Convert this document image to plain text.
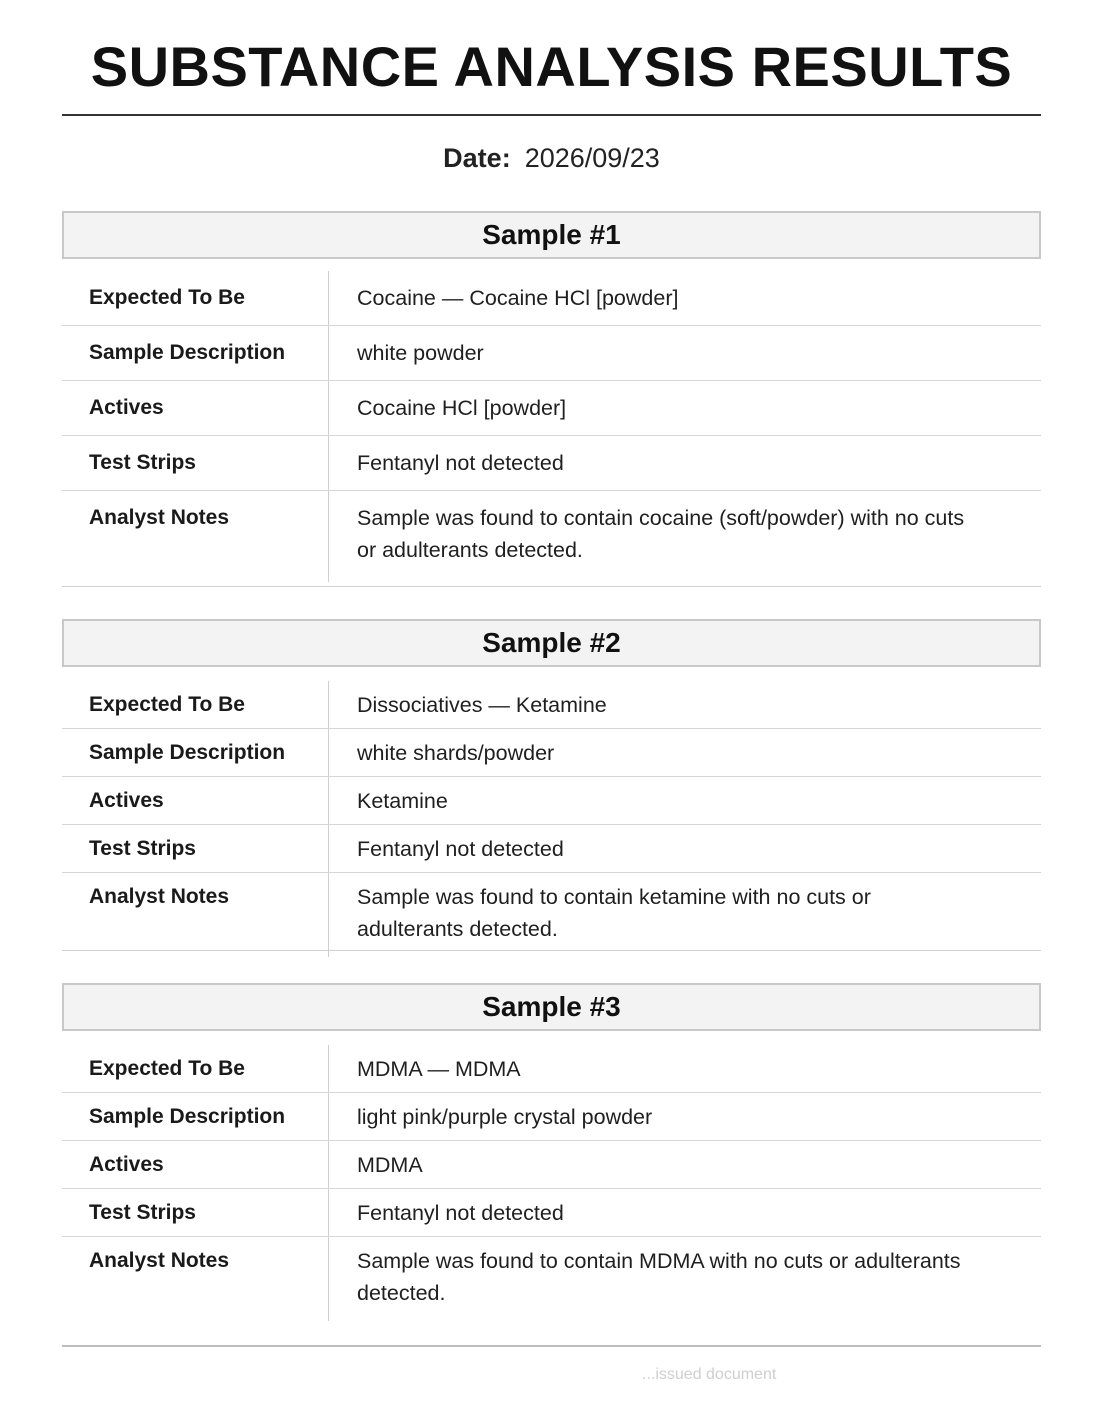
SUBSTANCE ANALYSIS RESULTS
Date: 2026/09/23
Sample #1
Expected To Be	Cocaine — Cocaine HCl [powder]
Sample Description	white powder
Actives	Cocaine HCl [powder]
Test Strips	Fentanyl not detected
Analyst Notes	Sample was found to contain cocaine (soft/powder) with no cuts or adulterants detected.
Sample #2
Expected To Be	Dissociatives — Ketamine
Sample Description	white shards/powder
Actives	Ketamine
Test Strips	Fentanyl not detected
Analyst Notes	Sample was found to contain ketamine with no cuts or adulterants detected.
Sample #3
Expected To Be	MDMA — MDMA
Sample Description	light pink/purple crystal powder
Actives	MDMA
Test Strips	Fentanyl not detected
Analyst Notes	Sample was found to contain MDMA with no cuts or adulterants detected.
...issued document
